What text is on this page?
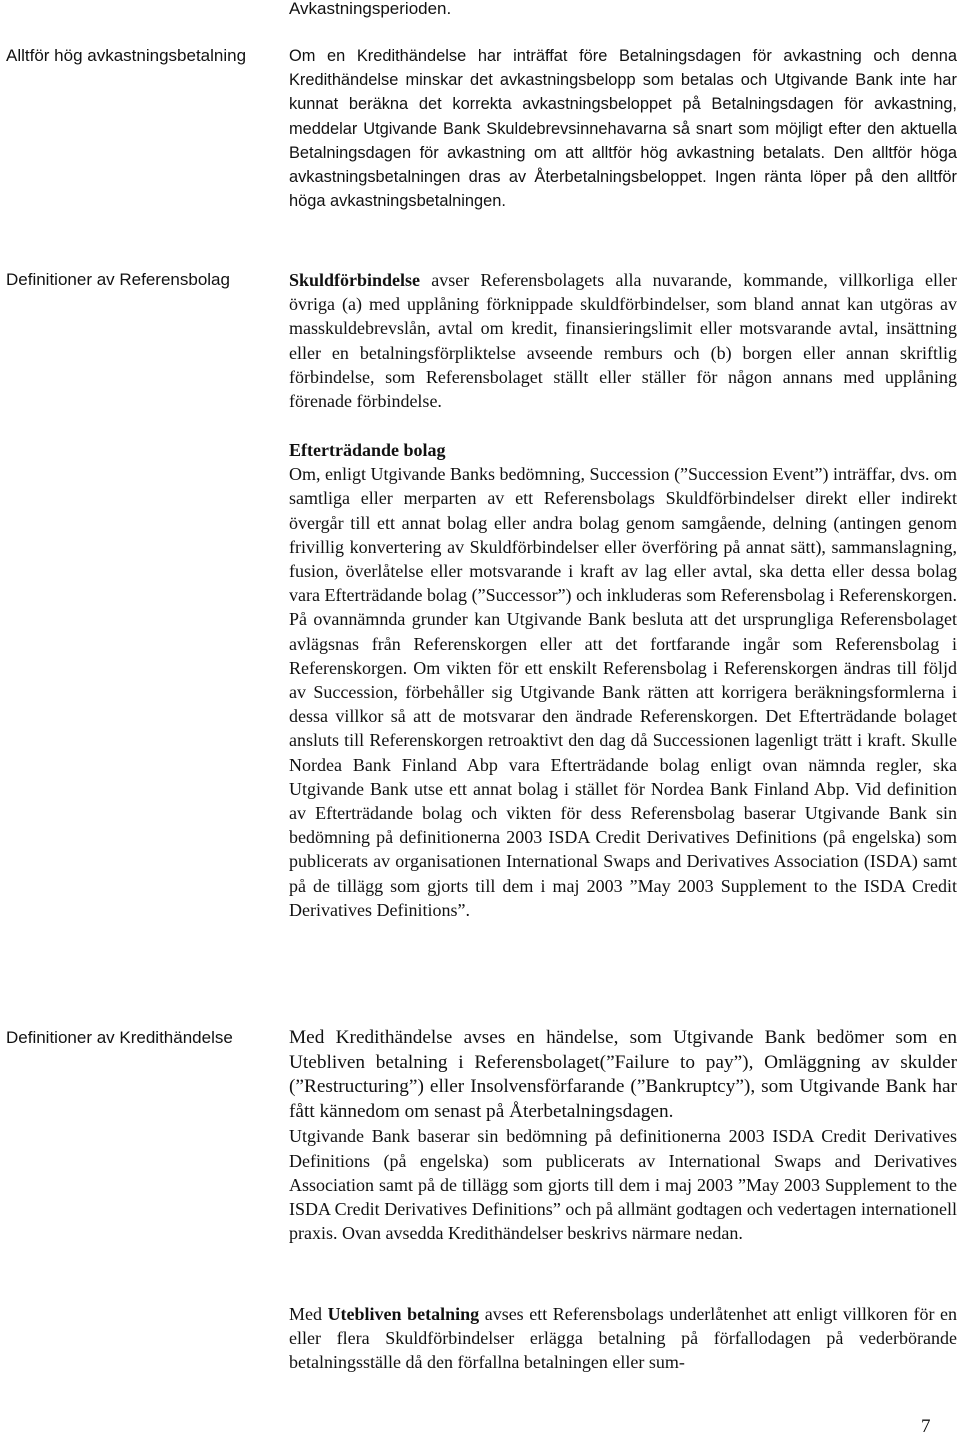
Avkastningsperioden.
Alltför hög avkastningsbetalning	Om en Kredithändelse har inträffat före Betalningsdagen för avkastning och denna Kredithändelse minskar det avkastningsbelopp som betalas och Utgivande Bank inte har kunnat beräkna det korrekta avkastningsbeloppet på Betalningsdagen för avkastning, meddelar Utgivande Bank Skuldebrevsinnehavarna så snart som möjligt efter den aktuella Betalningsdagen för avkastning om att alltför hög avkastning betalats. Den alltför höga avkastningsbetalningen dras av Återbetalningsbeloppet. Ingen ränta löper på den alltför höga avkastningsbetalningen.
Definitioner av Referensbolag	Skuldförbindelse avser Referensbolagets alla nuvarande, kommande, villkorliga eller övriga (a) med upplåning förknippade skuldförbindelser, som bland annat kan utgöras av masskuldebrevslån, avtal om kredit, finansieringslimit eller motsvarande avtal, insättning eller en betalningsförpliktelse avseende remburs och (b) borgen eller annan skriftlig förbindelse, som Referensbolaget ställt eller ställer för någon annans med upplåning förenade förbindelse.

Efterträdande bolag

Om, enligt Utgivande Banks bedömning, Succession (”Succession Event”) inträffar, dvs. om samtliga eller merparten av ett Referensbolags Skuldförbindelser direkt eller indirekt övergår till ett annat bolag eller andra bolag genom samgående, delning (antingen genom frivillig konvertering av Skuldförbindelser eller överföring på annat sätt), sammanslagning, fusion, överlåtelse eller motsvarande i kraft av lag eller avtal, ska detta eller dessa bolag vara Efterträdande bolag (”Successor”) och inkluderas som Referensbolag i Referenskorgen. På ovannämnda grunder kan Utgivande Bank besluta att det ursprungliga Referensbolaget avlägsnas från Referenskorgen eller att det fortfarande ingår som Referensbolag i Referenskorgen. Om vikten för ett enskilt Referensbolag i Referenskorgen ändras till följd av Succession, förbehåller sig Utgivande Bank rätten att korrigera beräkningsformlerna i dessa villkor så att de motsvarar den ändrade Referenskorgen. Det Efterträdande bolaget ansluts till Referenskorgen retroaktivt den dag då Successionen lagenligt trätt i kraft. Skulle Nordea Bank Finland Abp vara Efterträdande bolag enligt ovan nämnda regler, ska Utgivande Bank utse ett annat bolag i stället för Nordea Bank Finland Abp. Vid definition av Efterträdande bolag och vikten för dess Referensbolag baserar Utgivande Bank sin bedömning på definitionerna 2003 ISDA Credit Derivatives Definitions (på engelska) som publicerats av organisationen International Swaps and Derivatives Association (ISDA) samt på de tillägg som gjorts till dem i maj 2003 ”May 2003 Supplement to the ISDA Credit Derivatives Definitions”.

Definitioner av Kredithändelse	Med Kredithändelse avses en händelse, som Utgivande Bank bedömer som en Utebliven betalning i Referensbolaget(”Failure to pay”), Omläggning av skulder (”Restructuring”) eller Insolvensförfarande (”Bankruptcy”), som Utgivande Bank har fått kännedom om senast på Återbetalningsdagen.

Utgivande Bank baserar sin bedömning på definitionerna 2003 ISDA Credit Derivatives Definitions (på engelska) som publicerats av International Swaps and Derivatives Association samt på de tillägg som gjorts till dem i maj 2003 ”May 2003 Supplement to the ISDA Credit Derivatives Definitions” och på allmänt godtagen och vedertagen internationell praxis. Ovan avsedda Kredithändelser beskrivs närmare nedan.

Med Utebliven betalning avses ett Referensbolags underlåtenhet att enligt villkoren för en eller flera Skuldförbindelser erlägga betalning på förfallodagen på vederbörande betalningsställe då den förfallna betalningen eller sum-
7
